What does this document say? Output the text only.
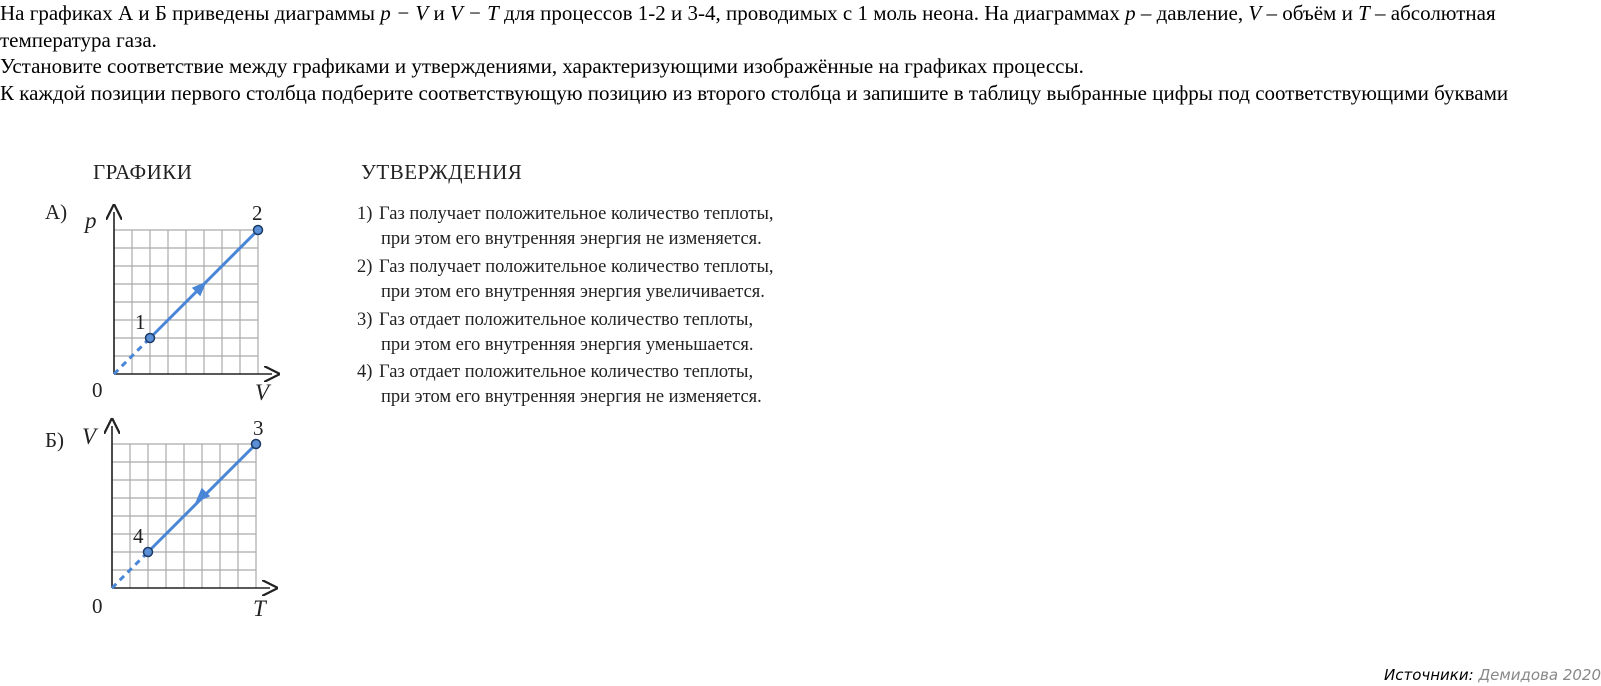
На графиках А и Б приведены диаграммы p − V и V − T для процессов 1-2 и 3-4, проводимых с 1 моль неона. На диаграммах p – давление, V – объём и T – абсолютная температура газа.

Установите соответствие между графиками и утверждениями, характеризующими изображённые на графиках процессы.

К каждой позиции первого столбца подберите соответствующую позицию из второго столбца и запишите в таблицу выбранные цифры под соответствующими буквами

ГРАФИКИ	УТВЕРЖДЕНИЯ
А)
Б)
p
V
0
1
2
V
T
0
4
3
1) Газ получает положительное количество теплоты,
при этом его внутренняя энергия не изменяется.
2) Газ получает положительное количество теплоты,
при этом его внутренняя энергия увеличивается.
3) Газ отдает положительное количество теплоты,
при этом его внутренняя энергия уменьшается.
4) Газ отдает положительное количество теплоты,
при этом его внутренняя энергия не изменяется.
Источники: Демидова 2020
